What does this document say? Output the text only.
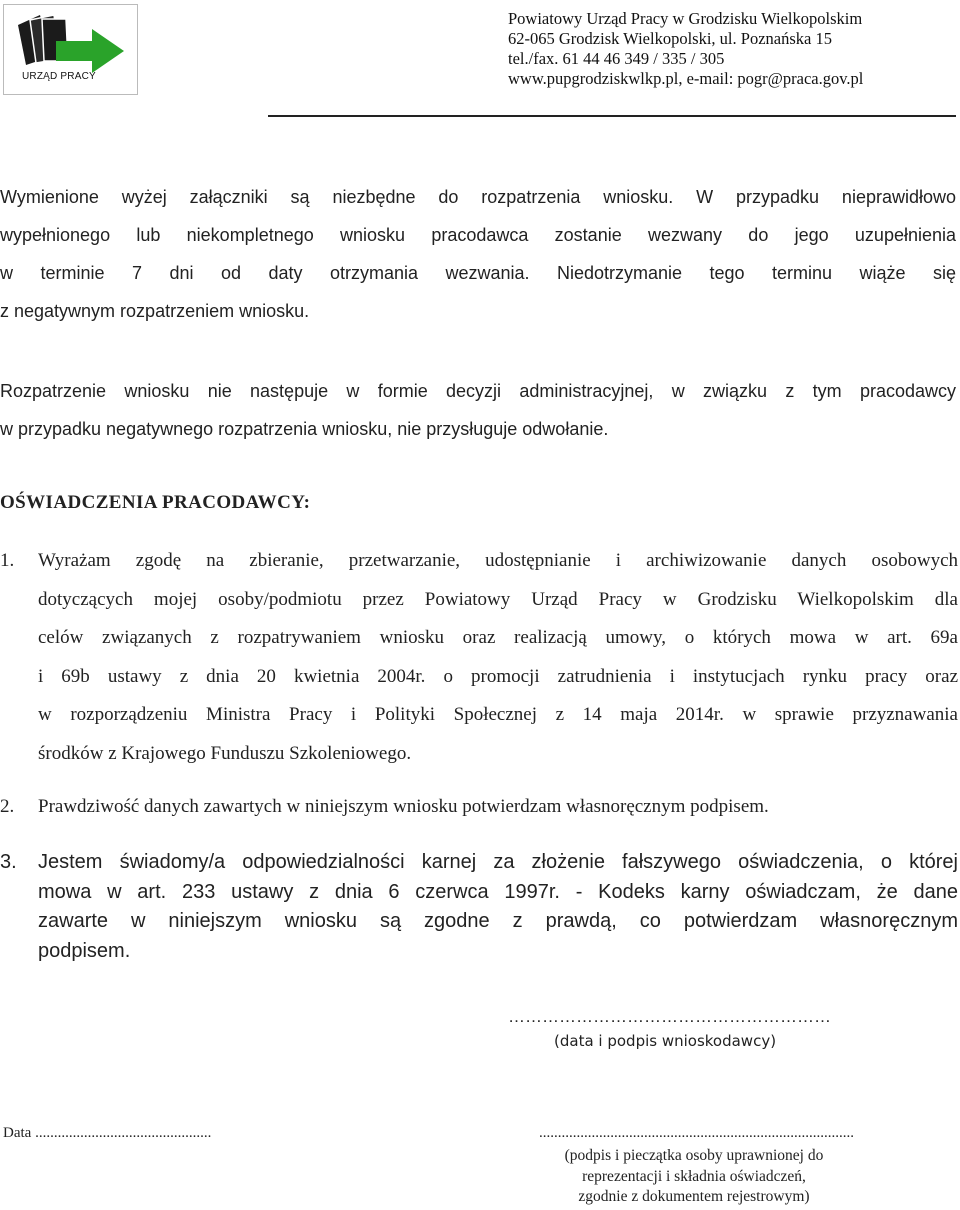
URZĄD PRACY
Powiatowy Urząd Pracy w Grodzisku Wielkopolskim
62-065 Grodzisk Wielkopolski, ul. Poznańska 15
tel./fax. 61 44 46 349 / 335 / 305
www.pupgrodziskwlkp.pl, e-mail: pogr@praca.gov.pl
Wymienione wyżej załączniki są niezbędne do rozpatrzenia wniosku. W przypadku nieprawidłowo
wypełnionego lub niekompletnego wniosku pracodawca zostanie wezwany do jego uzupełnienia
w terminie 7 dni od daty otrzymania wezwania. Niedotrzymanie tego terminu wiąże się
z negatywnym rozpatrzeniem wniosku.
Rozpatrzenie wniosku nie następuje w formie decyzji administracyjnej, w związku z tym pracodawcy
w przypadku negatywnego rozpatrzenia wniosku, nie przysługuje odwołanie.
OŚWIADCZENIA PRACODAWCY:
1. Wyrażam zgodę na zbieranie, przetwarzanie, udostępnianie i archiwizowanie danych osobowych
dotyczących mojej osoby/podmiotu przez Powiatowy Urząd Pracy w Grodzisku Wielkopolskim dla
celów związanych z rozpatrywaniem wniosku oraz realizacją umowy, o których mowa w art. 69a
i 69b ustawy z dnia 20 kwietnia 2004r. o promocji zatrudnienia i instytucjach rynku pracy oraz
w rozporządzeniu Ministra Pracy i Polityki Społecznej z 14 maja 2014r. w sprawie przyznawania
środków z Krajowego Funduszu Szkoleniowego.
2. Prawdziwość danych zawartych w niniejszym wniosku potwierdzam własnoręcznym podpisem.
3. Jestem świadomy/a odpowiedzialności karnej za złożenie fałszywego oświadczenia, o której
mowa w art. 233 ustawy z dnia 6 czerwca 1997r. - Kodeks karny oświadczam, że dane
zawarte w niniejszym wniosku są zgodne z prawdą, co potwierdzam własnoręcznym
podpisem.
…………………………………………………
(data i podpis wnioskodawcy)
Data ...............................................	....................................................................................
(podpis i pieczątka osoby uprawnionej do
reprezentacji i składnia oświadczeń,
zgodnie z dokumentem rejestrowym)
